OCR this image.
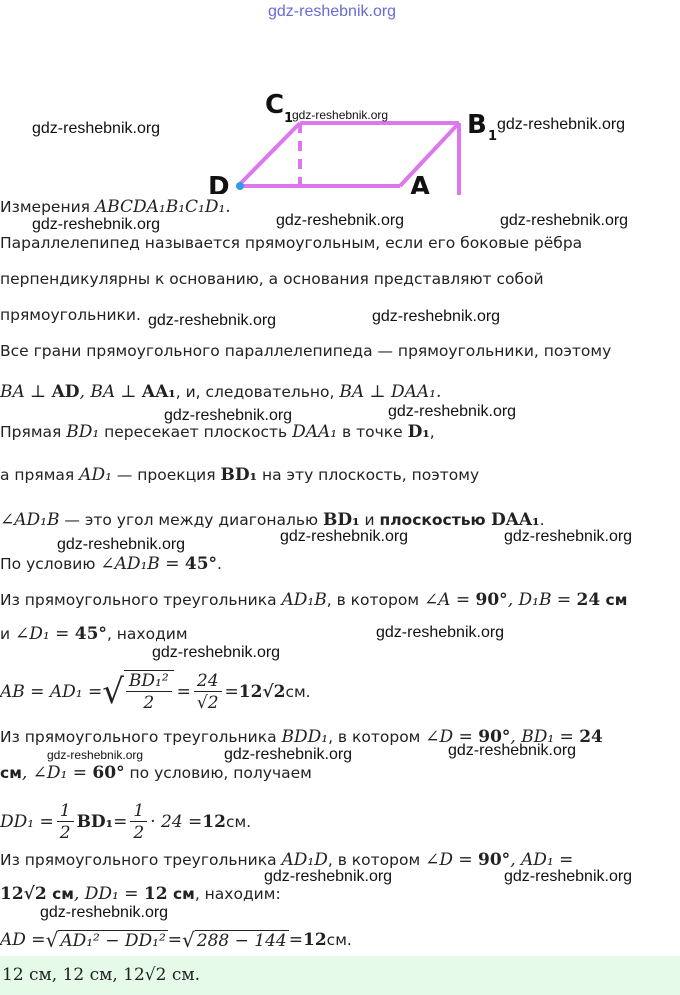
gdz-reshebnik.org
C 1	B 1
D	A
gdz-reshebnik.org
gdz-reshebnik.org	gdz-reshebnik.org
Измерения ABCDA₁B₁C₁D₁.
gdz-reshebnik.org	gdz-reshebnik.org	gdz-reshebnik.org
Параллелепипед называется прямоугольным, если его боковые рёбра
перпендикулярны к основанию, а основания представляют собой
прямоугольники. gdz-reshebnik.org	gdz-reshebnik.org
Все грани прямоугольного параллелепипеда — прямоугольники, поэтому
BA ⊥ AD, BA ⊥ AA₁, и, следовательно, BA ⊥ DAA₁.
gdz-reshebnik.org	gdz-reshebnik.org
Прямая BD₁ пересекает плоскость DAA₁ в точке D₁,
а прямая AD₁ — проекция BD₁ на эту плоскость, поэтому
∠AD₁B — это угол между диагональю BD₁ и плоскостью DAA₁.
gdz-reshebnik.org	gdz-reshebnik.org	gdz-reshebnik.org
По условию ∠AD₁B = 45°.
Из прямоугольного треугольника AD₁B, в котором ∠A = 90°, D₁B = 24 см
и ∠D₁ = 45°, находим	gdz-reshebnik.org
gdz-reshebnik.org
AB = AD₁ = √ $\frac{\text{BD₁²}}{2} = \frac{24}{√2} = 12√2$ см.
Из прямоугольного треугольника BDD₁, в котором ∠D = 90°, BD₁ = 24
gdz-reshebnik.org	gdz-reshebnik.org	gdz-reshebnik.org
см, ∠D₁ = 60° по условию, получаем
$DD_1 = \frac{1}{2} BD_1 = \frac{1}{2} \cdot 24 = 12$ см.
Из прямоугольного треугольника AD₁D, в котором ∠D = 90°, AD₁ =
gdz-reshebnik.org	gdz-reshebnik.org
12√2 см, DD₁ = 12 см, находим:
gdz-reshebnik.org
AD = √ AD₁² − DD₁² = √ 288 − 144 = 12 см.
12 см, 12 см, 12√2 см.
